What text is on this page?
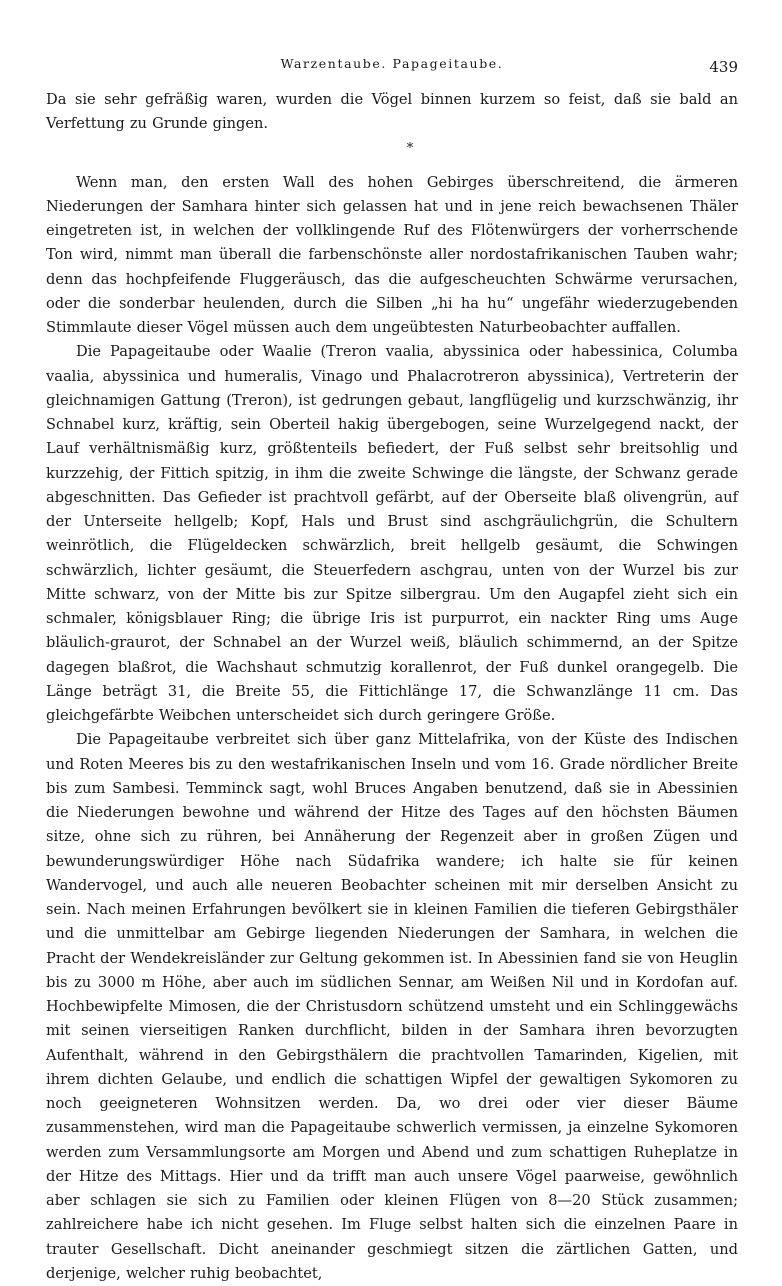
Warzentaube. Papageitaube.	439

Da sie sehr gefräßig waren, wurden die Vögel binnen kurzem so feist, daß sie bald an Verfettung zu Grunde gingen.

*

Wenn man, den ersten Wall des hohen Gebirges überschreitend, die ärmeren Niederungen der Samhara hinter sich gelassen hat und in jene reich bewachsenen Thäler eingetreten ist, in welchen der vollklingende Ruf des Flötenwürgers der vorherrschende Ton wird, nimmt man überall die farbenschönste aller nordostafrikanischen Tauben wahr; denn das hochpfeifende Fluggeräusch, das die aufgescheuchten Schwärme verursachen, oder die sonderbar heulenden, durch die Silben „hi ha hu“ ungefähr wiederzugebenden Stimmlaute dieser Vögel müssen auch dem ungeübtesten Naturbeobachter auffallen.

Die Papageitaube oder Waalie (Treron vaalia, abyssinica oder habessinica, Columba vaalia, abyssinica und humeralis, Vinago und Phalacrotreron abyssinica), Vertreterin der gleichnamigen Gattung (Treron), ist gedrungen gebaut, langflügelig und kurzschwänzig, ihr Schnabel kurz, kräftig, sein Oberteil hakig übergebogen, seine Wurzelgegend nackt, der Lauf verhältnismäßig kurz, größtenteils befiedert, der Fuß selbst sehr breitsohlig und kurzzehig, der Fittich spitzig, in ihm die zweite Schwinge die längste, der Schwanz gerade abgeschnitten. Das Gefieder ist prachtvoll gefärbt, auf der Oberseite blaß olivengrün, auf der Unterseite hellgelb; Kopf, Hals und Brust sind aschgräulichgrün, die Schultern weinrötlich, die Flügeldecken schwärzlich, breit hellgelb gesäumt, die Schwingen schwärzlich, lichter gesäumt, die Steuerfedern aschgrau, unten von der Wurzel bis zur Mitte schwarz, von der Mitte bis zur Spitze silbergrau. Um den Augapfel zieht sich ein schmaler, königsblauer Ring; die übrige Iris ist purpurrot, ein nackter Ring ums Auge bläulich-graurot, der Schnabel an der Wurzel weiß, bläulich schimmernd, an der Spitze dagegen blaßrot, die Wachshaut schmutzig korallenrot, der Fuß dunkel orangegelb. Die Länge beträgt 31, die Breite 55, die Fittichlänge 17, die Schwanzlänge 11 cm. Das gleichgefärbte Weibchen unterscheidet sich durch geringere Größe.

Die Papageitaube verbreitet sich über ganz Mittelafrika, von der Küste des Indischen und Roten Meeres bis zu den westafrikanischen Inseln und vom 16. Grade nördlicher Breite bis zum Sambesi. Temminck sagt, wohl Bruces Angaben benutzend, daß sie in Abessinien die Niederungen bewohne und während der Hitze des Tages auf den höchsten Bäumen sitze, ohne sich zu rühren, bei Annäherung der Regenzeit aber in großen Zügen und bewunderungswürdiger Höhe nach Südafrika wandere; ich halte sie für keinen Wandervogel, und auch alle neueren Beobachter scheinen mit mir derselben Ansicht zu sein. Nach meinen Erfahrungen bevölkert sie in kleinen Familien die tieferen Gebirgsthäler und die unmittelbar am Gebirge liegenden Niederungen der Samhara, in welchen die Pracht der Wendekreisländer zur Geltung gekommen ist. In Abessinien fand sie von Heuglin bis zu 3000 m Höhe, aber auch im südlichen Sennar, am Weißen Nil und in Kordofan auf. Hochbewipfelte Mimosen, die der Christusdorn schützend umsteht und ein Schlinggewächs mit seinen vierseitigen Ranken durchflicht, bilden in der Samhara ihren bevorzugten Aufenthalt, während in den Gebirgsthälern die prachtvollen Tamarinden, Kigelien, mit ihrem dichten Gelaube, und endlich die schattigen Wipfel der gewaltigen Sykomoren zu noch geeigneteren Wohnsitzen werden. Da, wo drei oder vier dieser Bäume zusammenstehen, wird man die Papageitaube schwerlich vermissen, ja einzelne Sykomoren werden zum Versammlungsorte am Morgen und Abend und zum schattigen Ruheplatze in der Hitze des Mittags. Hier und da trifft man auch unsere Vögel paarweise, gewöhnlich aber schlagen sie sich zu Familien oder kleinen Flügen von 8—20 Stück zusammen; zahlreichere habe ich nicht gesehen. Im Fluge selbst halten sich die einzelnen Paare in trauter Gesellschaft. Dicht aneinander geschmiegt sitzen die zärtlichen Gatten, und derjenige, welcher ruhig beobachtet,
